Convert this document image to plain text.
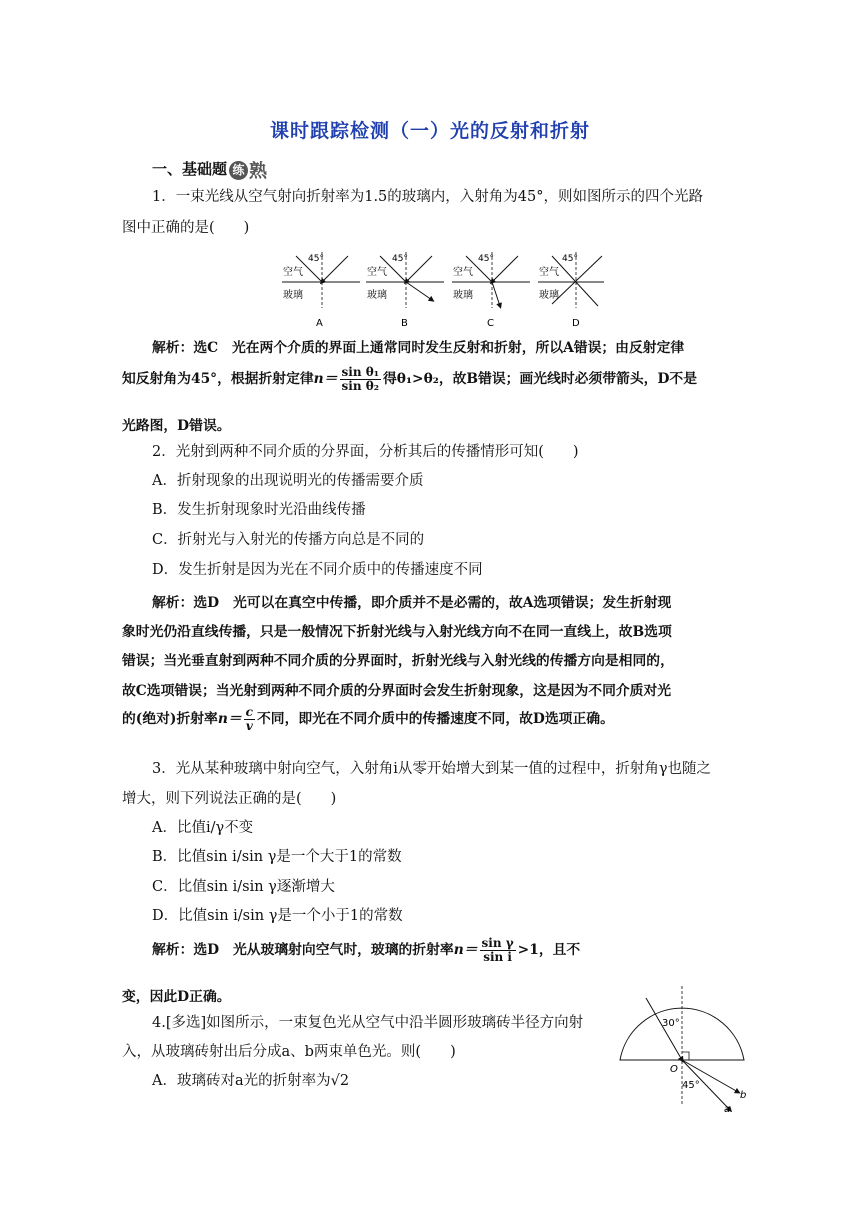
课时跟踪检测（一）光的反射和折射
一、基础题 练 熟
1．一束光线从空气射向折射率为1.5的玻璃内，入射角为45°，则如图所示的四个光路
图中正确的是(　　)
45°
空气
玻璃
A
45°
空气
玻璃
B
45°
空气
玻璃
C
45°
空气
玻璃
D
解析：选C　光在两个介质的界面上通常同时发生反射和折射，所以A错误；由反射定律
知反射角为45°，根据折射定律$n= \frac{\text{sin θ₁}}{\text{sin θ₂}}$ 得θ₁>θ₂，故B错误；画光线时必须带箭头，D不是
光路图，D错误。
2．光射到两种不同介质的分界面，分析其后的传播情形可知(　　)
A．折射现象的出现说明光的传播需要介质
B．发生折射现象时光沿曲线传播
C．折射光与入射光的传播方向总是不同的
D．发生折射是因为光在不同介质中的传播速度不同
解析：选D　光可以在真空中传播，即介质并不是必需的，故A选项错误；发生折射现
象时光仍沿直线传播，只是一般情况下折射光线与入射光线方向不在同一直线上，故B选项
错误；当光垂直射到两种不同介质的分界面时，折射光线与入射光线的传播方向是相同的，
故C选项错误；当光射到两种不同介质的分界面时会发生折射现象，这是因为不同介质对光
的(绝对)折射率$n= \frac{c}{v}$ 不同，即光在不同介质中的传播速度不同，故D选项正确。
3．光从某种玻璃中射向空气，入射角i从零开始增大到某一值的过程中，折射角γ也随之
增大，则下列说法正确的是(　　)
A．比值i/γ不变
B．比值sin i/sin γ是一个大于1的常数
C．比值sin i/sin γ逐渐增大
D．比值sin i/sin γ是一个小于1的常数
解析：选D　光从玻璃射向空气时，玻璃的折射率$n= \frac{\text{sin γ}}{\text{sin i}} >1$，且不
变，因此D正确。
4.[多选]如图所示，一束复色光从空气中沿半圆形玻璃砖半径方向射
入，从玻璃砖射出后分成a、b两束单色光。则(　　)
A．玻璃砖对a光的折射率为√2
30°
O
45°
b
a
